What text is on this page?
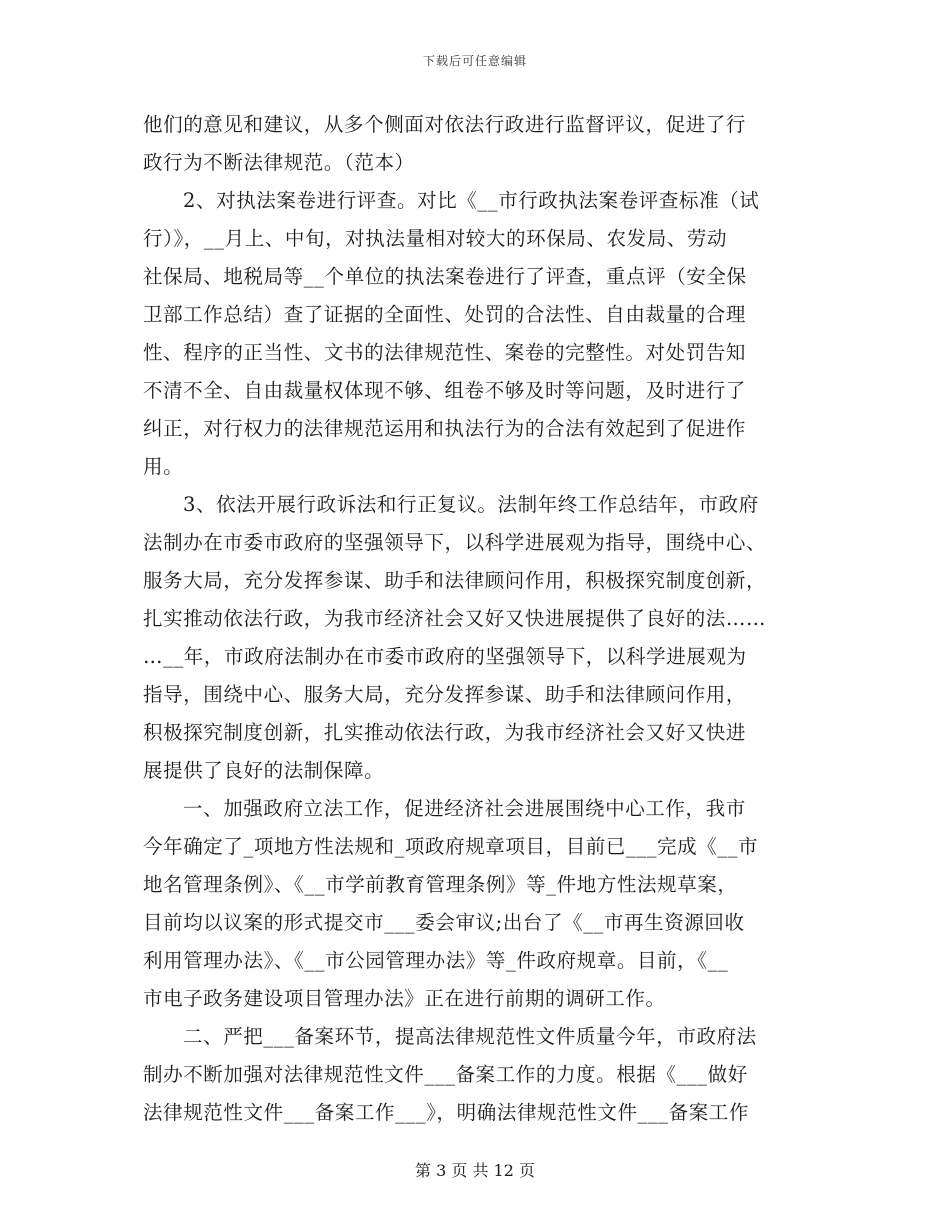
下载后可任意编辑
他们的意见和建议，从多个侧面对依法行政进行监督评议，促进了行
政行为不断法律规范。（范本）
2、对执法案卷进行评查。对比《__市行政执法案卷评查标准（试
行）》，__月上、中旬，对执法量相对较大的环保局、农发局、劳动
社保局、地税局等__个单位的执法案卷进行了评查，重点评（安全保
卫部工作总结）查了证据的全面性、处罚的合法性、自由裁量的合理
性、程序的正当性、文书的法律规范性、案卷的完整性。对处罚告知
不清不全、自由裁量权体现不够、组卷不够及时等问题，及时进行了
纠正，对行权力的法律规范运用和执法行为的合法有效起到了促进作
用。
3、依法开展行政诉法和行正复议。法制年终工作总结年，市政府
法制办在市委市政府的坚强领导下，以科学进展观为指导，围绕中心、
服务大局，充分发挥参谋、助手和法律顾问作用，积极探究制度创新，
扎实推动依法行政，为我市经济社会又好又快进展提供了良好的法……
…__年，市政府法制办在市委市政府的坚强领导下，以科学进展观为
指导，围绕中心、服务大局，充分发挥参谋、助手和法律顾问作用，
积极探究制度创新，扎实推动依法行政，为我市经济社会又好又快进
展提供了良好的法制保障。
一、加强政府立法工作，促进经济社会进展围绕中心工作，我市
今年确定了_项地方性法规和_项政府规章项目，目前已___完成《__市
地名管理条例》、《__市学前教育管理条例》等_件地方性法规草案，
目前均以议案的形式提交市___委会审议;出台了《__市再生资源回收
利用管理办法》、《__市公园管理办法》等_件政府规章。目前，《__
市电子政务建设项目管理办法》正在进行前期的调研工作。
二、严把___备案环节，提高法律规范性文件质量今年，市政府法
制办不断加强对法律规范性文件___备案工作的力度。根据《___做好
法律规范性文件___备案工作___》，明确法律规范性文件___备案工作
第 3 页 共 12 页
